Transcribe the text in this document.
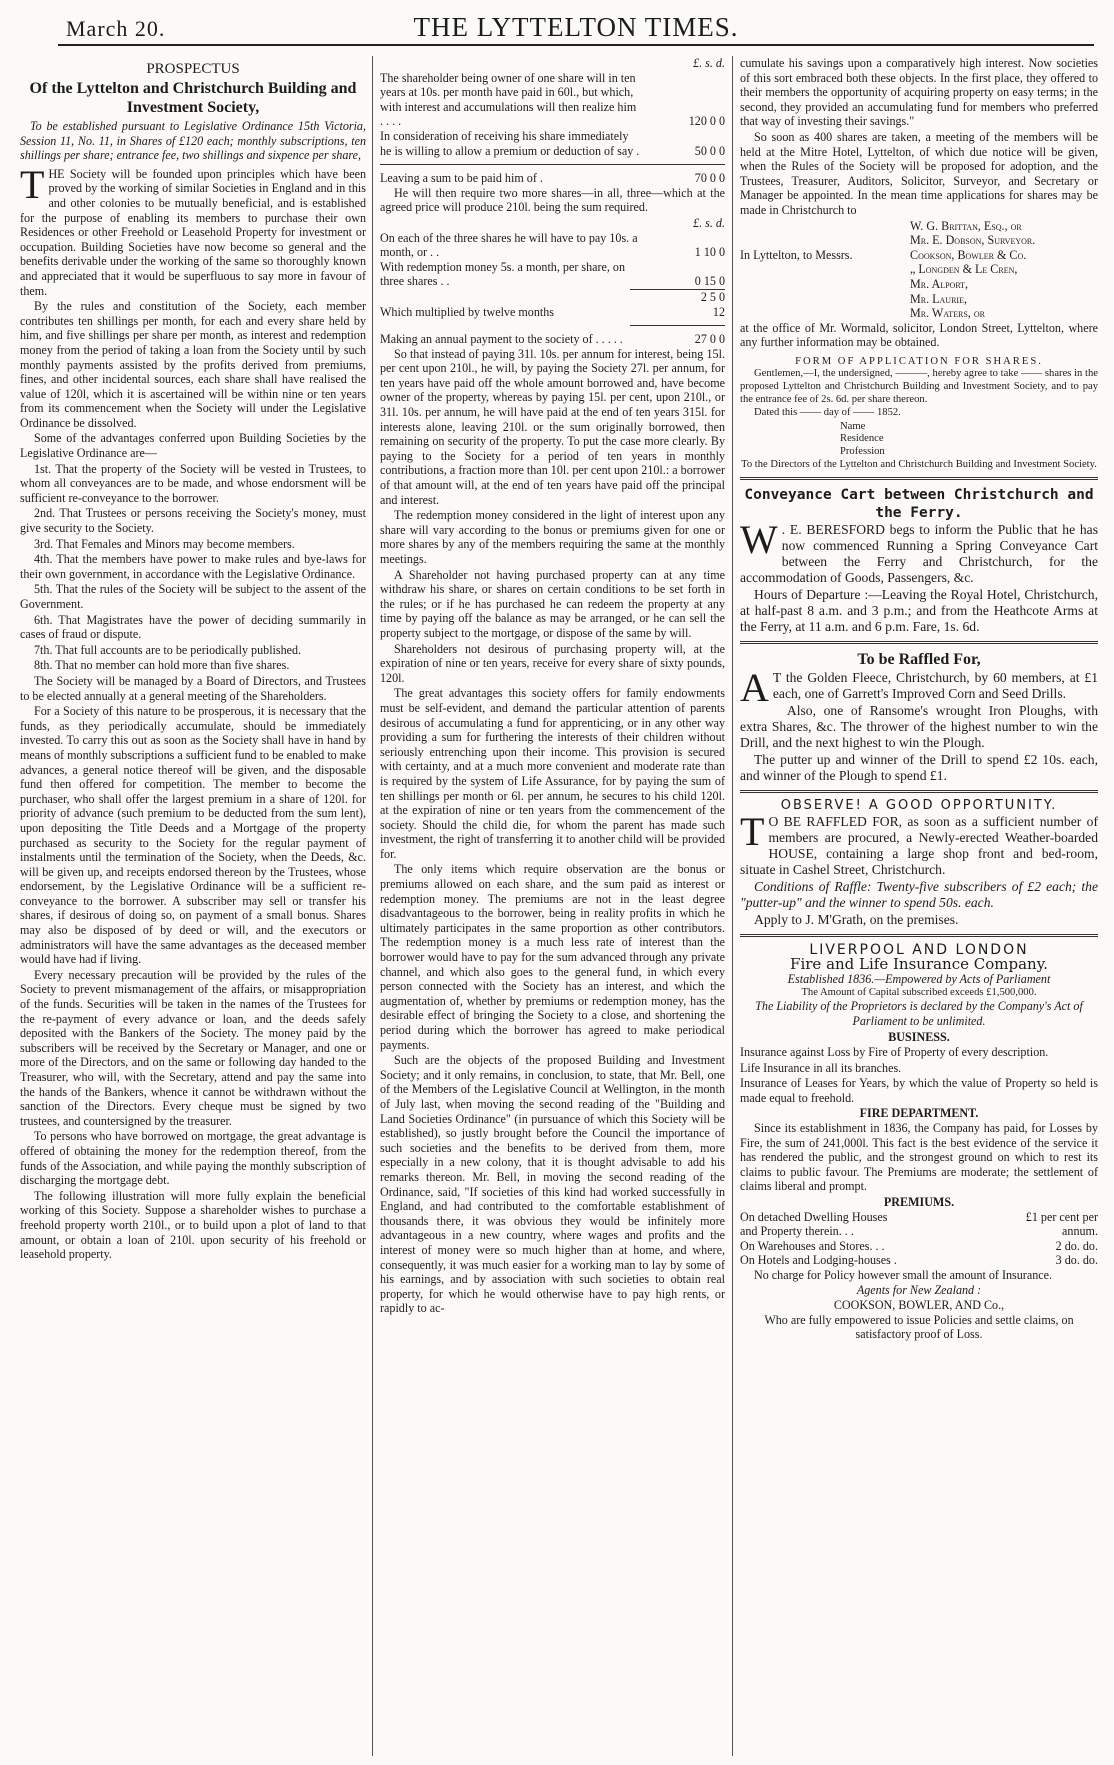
March 20.	THE LYTTELTON TIMES.

PROSPECTUS

Of the Lyttelton and Christchurch Building and Investment Society,

To be established pursuant to Legislative Ordinance 15th Victoria, Session 11, No. 11, in Shares of £120 each; monthly subscriptions, ten shillings per share; entrance fee, two shillings and sixpence per share,

THE Society will be founded upon principles which have been proved by the working of similar Societies in England and in this and other colonies to be mutually beneficial, and is established for the purpose of enabling its members to purchase their own Residences or other Freehold or Leasehold Property for investment or occupation. Building Societies have now become so general and the benefits derivable under the working of the same so thoroughly known and appreciated that it would be superfluous to say more in favour of them.

By the rules and constitution of the Society, each member contributes ten shillings per month, for each and every share held by him, and five shillings per share per month, as interest and redemption money from the period of taking a loan from the Society until by such monthly payments assisted by the profits derived from premiums, fines, and other incidental sources, each share shall have realised the value of 120l, which it is ascertained will be within nine or ten years from its commencement when the Society will under the Legislative Ordinance be dissolved.

Some of the advantages conferred upon Building Societies by the Legislative Ordinance are—

1st. That the property of the Society will be vested in Trustees, to whom all conveyances are to be made, and whose endorsment will be sufficient re-conveyance to the borrower.

2nd. That Trustees or persons receiving the Society's money, must give security to the Society.

3rd. That Females and Minors may become members.

4th. That the members have power to make rules and bye-laws for their own government, in accordance with the Legislative Ordinance.

5th. That the rules of the Society will be subject to the assent of the Government.

6th. That Magistrates have the power of deciding summarily in cases of fraud or dispute.

7th. That full accounts are to be periodically published.

8th. That no member can hold more than five shares.

The Society will be managed by a Board of Directors, and Trustees to be elected annually at a general meeting of the Shareholders.

For a Society of this nature to be prosperous, it is necessary that the funds, as they periodically accumulate, should be immediately invested. To carry this out as soon as the Society shall have in hand by means of monthly subscriptions a sufficient fund to be enabled to make advances, a general notice thereof will be given, and the disposable fund then offered for competition. The member to become the purchaser, who shall offer the largest premium in a share of 120l. for priority of advance (such premium to be deducted from the sum lent), upon depositing the Title Deeds and a Mortgage of the property purchased as security to the Society for the regular payment of instalments until the termination of the Society, when the Deeds, &c. will be given up, and receipts endorsed thereon by the Trustees, whose endorsement, by the Legislative Ordinance will be a sufficient re-conveyance to the borrower. A subscriber may sell or transfer his shares, if desirous of doing so, on payment of a small bonus. Shares may also be disposed of by deed or will, and the executors or administrators will have the same advantages as the deceased member would have had if living.

Every necessary precaution will be provided by the rules of the Society to prevent mismanagement of the affairs, or misappropriation of the funds. Securities will be taken in the names of the Trustees for the re-payment of every advance or loan, and the deeds safely deposited with the Bankers of the Society. The money paid by the subscribers will be received by the Secretary or Manager, and one or more of the Directors, and on the same or following day handed to the Treasurer, who will, with the Secretary, attend and pay the same into the hands of the Bankers, whence it cannot be withdrawn without the sanction of the Directors. Every cheque must be signed by two trustees, and countersigned by the treasurer.

To persons who have borrowed on mortgage, the great advantage is offered of obtaining the money for the redemption thereof, from the funds of the Association, and while paying the monthly subscription of discharging the mortgage debt.

The following illustration will more fully explain the beneficial working of this Society. Suppose a shareholder wishes to purchase a freehold property worth 210l., or to build upon a plot of land to that amount, or obtain a loan of 210l. upon security of his freehold or leasehold property.

£. s. d.
The shareholder being owner of one share will in ten years at 10s. per month have paid in 60l., but which, with interest and accumulations will then realize him . . . .	120 0 0
In consideration of receiving his share immediately he is willing to allow a premium or deduction of say .	50 0 0
Leaving a sum to be paid him of .	70 0 0

He will then require two more shares—in all, three—which at the agreed price will produce 210l. being the sum required.

£. s. d.
On each of the three shares he will have to pay 10s. a month, or . .	1 10 0
With redemption money 5s. a month, per share, on three shares . .	0 15 0
2 5 0
Which multiplied by twelve months	12
Making an annual payment to the society of . . . . .	27 0 0

So that instead of paying 31l. 10s. per annum for interest, being 15l. per cent upon 210l., he will, by paying the Society 27l. per annum, for ten years have paid off the whole amount borrowed and, have become owner of the property, whereas by paying 15l. per cent, upon 210l., or 31l. 10s. per annum, he will have paid at the end of ten years 315l. for interests alone, leaving 210l. or the sum originally borrowed, then remaining on security of the property. To put the case more clearly. By paying to the Society for a period of ten years in monthly contributions, a fraction more than 10l. per cent upon 210l.: a borrower of that amount will, at the end of ten years have paid off the principal and interest.

The redemption money considered in the light of interest upon any share will vary according to the bonus or premiums given for one or more shares by any of the members requiring the same at the monthly meetings.

A Shareholder not having purchased property can at any time withdraw his share, or shares on certain conditions to be set forth in the rules; or if he has purchased he can redeem the property at any time by paying off the balance as may be arranged, or he can sell the property subject to the mortgage, or dispose of the same by will.

Shareholders not desirous of purchasing property will, at the expiration of nine or ten years, receive for every share of sixty pounds, 120l.

The great advantages this society offers for family endowments must be self-evident, and demand the particular attention of parents desirous of accumulating a fund for apprenticing, or in any other way providing a sum for furthering the interests of their children without seriously entrenching upon their income. This provision is secured with certainty, and at a much more convenient and moderate rate than is required by the system of Life Assurance, for by paying the sum of ten shillings per month or 6l. per annum, he secures to his child 120l. at the expiration of nine or ten years from the commencement of the society. Should the child die, for whom the parent has made such investment, the right of transferring it to another child will be provided for.

The only items which require observation are the bonus or premiums allowed on each share, and the sum paid as interest or redemption money. The premiums are not in the least degree disadvantageous to the borrower, being in reality profits in which he ultimately participates in the same proportion as other contributors. The redemption money is a much less rate of interest than the borrower would have to pay for the sum advanced through any private channel, and which also goes to the general fund, in which every person connected with the Society has an interest, and which the augmentation of, whether by premiums or redemption money, has the desirable effect of bringing the Society to a close, and shortening the period during which the borrower has agreed to make periodical payments.

Such are the objects of the proposed Building and Investment Society; and it only remains, in conclusion, to state, that Mr. Bell, one of the Members of the Legislative Council at Wellington, in the month of July last, when moving the second reading of the "Building and Land Societies Ordinance" (in pursuance of which this Society will be established), so justly brought before the Council the importance of such societies and the benefits to be derived from them, more especially in a new colony, that it is thought advisable to add his remarks thereon. Mr. Bell, in moving the second reading of the Ordinance, said, "If societies of this kind had worked successfully in England, and had contributed to the comfortable establishment of thousands there, it was obvious they would be infinitely more advantageous in a new country, where wages and profits and the interest of money were so much higher than at home, and where, consequently, it was much easier for a working man to lay by some of his earnings, and by association with such societies to obtain real property, for which he would otherwise have to pay high rents, or rapidly to ac-

cumulate his savings upon a comparatively high interest. Now societies of this sort embraced both these objects. In the first place, they offered to their members the opportunity of acquiring property on easy terms; in the second, they provided an accumulating fund for members who preferred that way of investing their savings."

So soon as 400 shares are taken, a meeting of the members will be held at the Mitre Hotel, Lyttelton, of which due notice will be given, when the Rules of the Society will be proposed for adoption, and the Trustees, Treasurer, Auditors, Solicitor, Surveyor, and Secretary or Manager be appointed. In the mean time applications for shares may be made in Christchurch to

W. G. Brittan, Esq., or
Mr. E. Dobson, Surveyor.
In Lyttelton, to Messrs.	Cookson, Bowler & Co.
„ Longden & Le Cren,
Mr. Alport,
Mr. Laurie,
Mr. Waters, or

at the office of Mr. Wormald, solicitor, London Street, Lyttelton, where any further information may be obtained.

FORM OF APPLICATION FOR SHARES.

Gentlemen,—I, the undersigned, ———, hereby agree to take —— shares in the proposed Lyttelton and Christchurch Building and Investment Society, and to pay the entrance fee of 2s. 6d. per share thereon.

Dated this —— day of —— 1852.

Name
Residence
Profession

To the Directors of the Lyttelton and Christchurch Building and Investment Society.

Conveyance Cart between Christchurch and the Ferry.

W . E. BERESFORD begs to inform the Public that he has now commenced Running a Spring Conveyance Cart between the Ferry and Christchurch, for the accommodation of Goods, Passengers, &c.

Hours of Departure :—Leaving the Royal Hotel, Christchurch, at half-past 8 a.m. and 3 p.m.; and from the Heathcote Arms at the Ferry, at 11 a.m. and 6 p.m. Fare, 1s. 6d.

To be Raffled For,

A T the Golden Fleece, Christchurch, by 60 members, at £1 each, one of Garrett's Improved Corn and Seed Drills.

Also, one of Ransome's wrought Iron Ploughs, with extra Shares, &c. The thrower of the highest number to win the Drill, and the next highest to win the Plough.

The putter up and winner of the Drill to spend £2 10s. each, and winner of the Plough to spend £1.

OBSERVE! A GOOD OPPORTUNITY.

T O BE RAFFLED FOR, as soon as a sufficient number of members are procured, a Newly-erected Weather-boarded HOUSE, containing a large shop front and bed-room, situate in Cashel Street, Christchurch.

Conditions of Raffle: Twenty-five subscribers of £2 each; the "putter-up" and the winner to spend 50s. each.

Apply to J. M'Grath, on the premises.

LIVERPOOL AND LONDON
Fire and Life Insurance Company.
Established 1836.—Empowered by Acts of Parliament
The Amount of Capital subscribed exceeds £1,500,000.
The Liability of the Proprietors is declared by the Company's Act of Parliament to be unlimited.
BUSINESS.

Insurance against Loss by Fire of Property of every description.

Life Insurance in all its branches.

Insurance of Leases for Years, by which the value of Property so held is made equal to freehold.

FIRE DEPARTMENT.

Since its establishment in 1836, the Company has paid, for Losses by Fire, the sum of 241,000l. This fact is the best evidence of the service it has rendered the public, and the strongest ground on which to rest its claims to public favour. The Premiums are moderate; the settlement of claims liberal and prompt.

PREMIUMS.
On detached Dwelling Houses	£1 per cent per
and Property therein. . .	annum.
On Warehouses and Stores. . .	2 do. do.
On Hotels and Lodging-houses .	3 do. do.

No charge for Policy however small the amount of Insurance.

Agents for New Zealand :
COOKSON, BOWLER, AND Co.,

Who are fully empowered to issue Policies and settle claims, on satisfactory proof of Loss.
